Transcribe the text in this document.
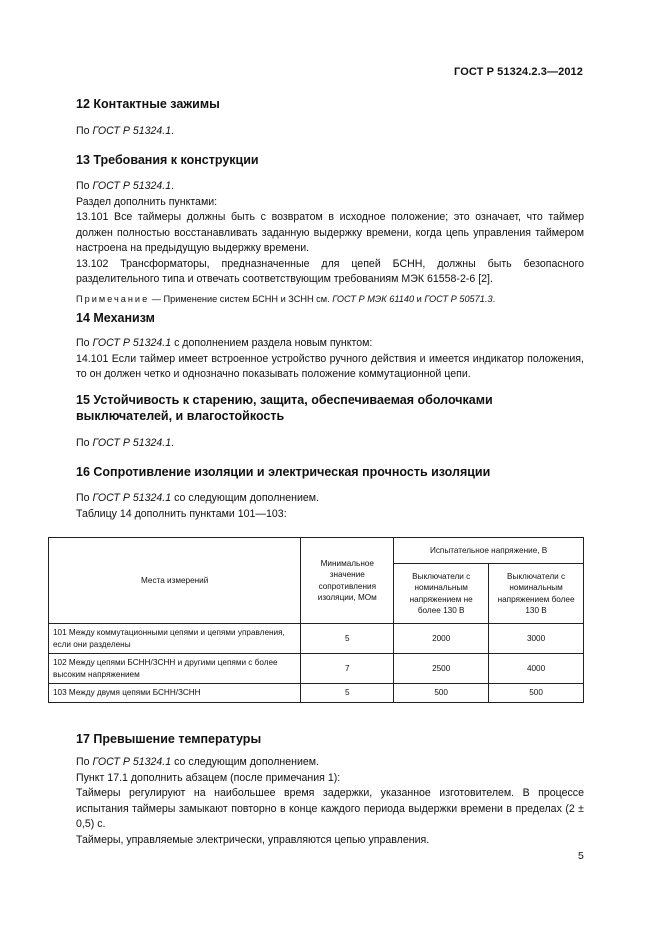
ГОСТ Р 51324.2.3—2012
12 Контактные зажимы
По ГОСТ Р 51324.1.
13 Требования к конструкции
По ГОСТ Р 51324.1.
Раздел дополнить пунктами:
13.101 Все таймеры должны быть с возвратом в исходное положение; это означает, что таймер должен полностью восстанавливать заданную выдержку времени, когда цепь управления таймером настроена на предыдущую выдержку времени.
13.102 Трансформаторы, предназначенные для цепей БСНН, должны быть безопасного разделительного типа и отвечать соответствующим требованиям МЭК 61558-2-6 [2].
Примечание — Применение систем БСНН и ЗСНН см. ГОСТ Р МЭК 61140 и ГОСТ Р 50571.3.
14 Механизм
По ГОСТ Р 51324.1 с дополнением раздела новым пунктом:
14.101 Если таймер имеет встроенное устройство ручного действия и имеется индикатор положения, то он должен четко и однозначно показывать положение коммутационной цепи.
15 Устойчивость к старению, защита, обеспечиваемая оболочками выключателей, и влагостойкость
По ГОСТ Р 51324.1.
16 Сопротивление изоляции и электрическая прочность изоляции
По ГОСТ Р 51324.1 со следующим дополнением.
Таблицу 14 дополнить пунктами 101—103:
Места измерений	Минимальное значение сопротивления изоляции, МОм	Испытательное напряжение, В	
		Выключатели с номинальным напряжением не более 130 В	Выключатели с номинальным напряжением более 130 В
101 Между коммутационными цепями и цепями управления, если они разделены	5	2000	3000
102 Между цепями БСНН/ЗСНН и другими цепями с более высоким напряжением	7	2500	4000
103 Между двумя цепями БСНН/ЗСНН	5	500	500
17 Превышение температуры
По ГОСТ Р 51324.1 со следующим дополнением.
Пункт 17.1 дополнить абзацем (после примечания 1):
Таймеры регулируют на наибольшее время задержки, указанное изготовителем. В процессе испытания таймеры замыкают повторно в конце каждого периода выдержки времени в пределах (2 ± 0,5) с.
Таймеры, управляемые электрически, управляются цепью управления.
5
